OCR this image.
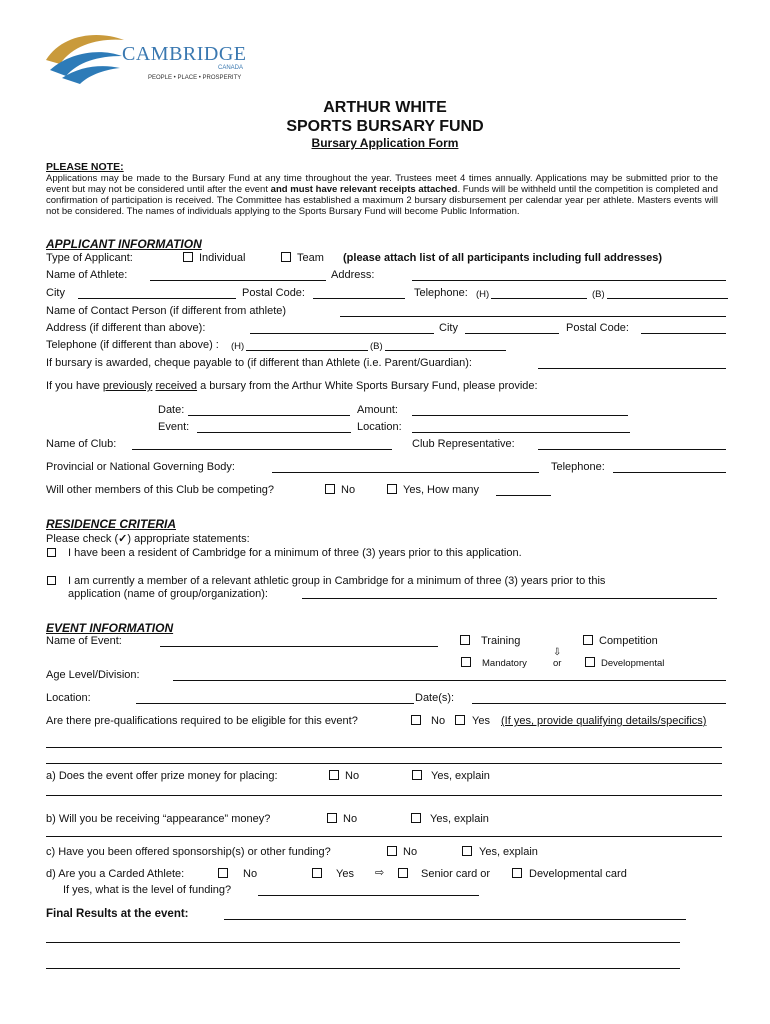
CAMBRIDGE
CANADA
PEOPLE • PLACE • PROSPERITY
ARTHUR WHITE
SPORTS BURSARY FUND
Bursary Application Form
PLEASE NOTE:
Applications may be made to the Bursary Fund at any time throughout the year. Trustees meet 4 times annually. Applications may be submitted prior to the event but may not be considered until after the event and must have relevant receipts attached. Funds will be withheld until the competition is completed and confirmation of participation is received. The Committee has established a maximum 2 bursary disbursement per calendar year per athlete. Masters events will not be considered. The names of individuals applying to the Sports Bursary Fund will become Public Information.
APPLICANT INFORMATION
Type of Applicant:	Individual	Team (please attach list of all participants including full addresses)
Name of Athlete:	Address:
City	Postal Code:	Telephone: (H)	(B)
Name of Contact Person (if different from athlete)
Address (if different than above):	City	Postal Code:
Telephone (if different than above) : (H)	(B)
If bursary is awarded, cheque payable to (if different than Athlete (i.e. Parent/Guardian):
If you have previously received a bursary from the Arthur White Sports Bursary Fund, please provide:
Date:	Amount:
Event:	Location:
Name of Club:	Club Representative:
Provincial or National Governing Body:	Telephone:
Will other members of this Club be competing?	No	Yes, How many
RESIDENCE CRITERIA
Please check (✓) appropriate statements:
I have been a resident of Cambridge for a minimum of three (3) years prior to this application.
I am currently a member of a relevant athletic group in Cambridge for a minimum of three (3) years prior to this
application (name of group/organization):
EVENT INFORMATION
Name of Event:	Training	Competition
⇩
Mandatory	or	Developmental
Age Level/Division:
Location:	Date(s):
Are there pre-qualifications required to be eligible for this event?	No Yes (If yes, provide qualifying details/specifics)
a) Does the event offer prize money for placing:	No	Yes, explain
b) Will you be receiving “appearance” money?	No	Yes, explain
c) Have you been offered sponsorship(s) or other funding?	No	Yes, explain
d) Are you a Carded Athlete:	No	Yes ⇨	Senior card or	Developmental card
If yes, what is the level of funding?
Final Results at the event:
